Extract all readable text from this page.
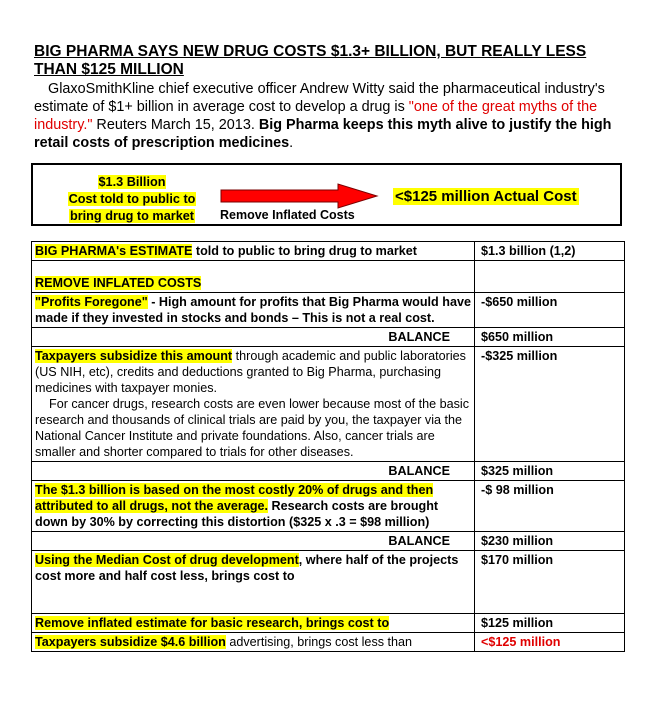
BIG PHARMA SAYS NEW DRUG COSTS $1.3+ BILLION, BUT REALLY LESS THAN $125 MILLION
GlaxoSmithKline chief executive officer Andrew Witty said the pharmaceutical industry's estimate of $1+ billion in average cost to develop a drug is "one of the great myths of the industry." Reuters March 15, 2013. Big Pharma keeps this myth alive to justify the high retail costs of prescription medicines.
$1.3 Billion
Cost told to public to
bring drug to market	Remove Inflated Costs
<$125 million Actual Cost
BIG PHARMA's ESTIMATE told to public to bring drug to market	$1.3 billion (1,2)
REMOVE INFLATED COSTS	
"Profits Foregone" - High amount for profits that Big Pharma would have made if they invested in stocks and bonds – This is not a real cost.	-$650 million
BALANCE	$650 million
Taxpayers subsidize this amount through academic and public laboratories (US NIH, etc), credits and deductions granted to Big Pharma, purchasing medicines with taxpayer monies.
For cancer drugs, research costs are even lower because most of the basic research and thousands of clinical trials are paid by you, the taxpayer via the National Cancer Institute and private foundations. Also, cancer trials are smaller and shorter compared to trials for other diseases.	-$325 million
BALANCE	$325 million
The $1.3 billion is based on the most costly 20% of drugs and then attributed to all drugs, not the average. Research costs are brought down by 30% by correcting this distortion ($325 x .3 = $98 million)	-$ 98 million
BALANCE	$230 million
Using the Median Cost of drug development, where half of the projects cost more and half cost less, brings cost to	$170 million
Remove inflated estimate for basic research, brings cost to	$125 million
Taxpayers subsidize $4.6 billion advertising, brings cost less than	<$125 million
